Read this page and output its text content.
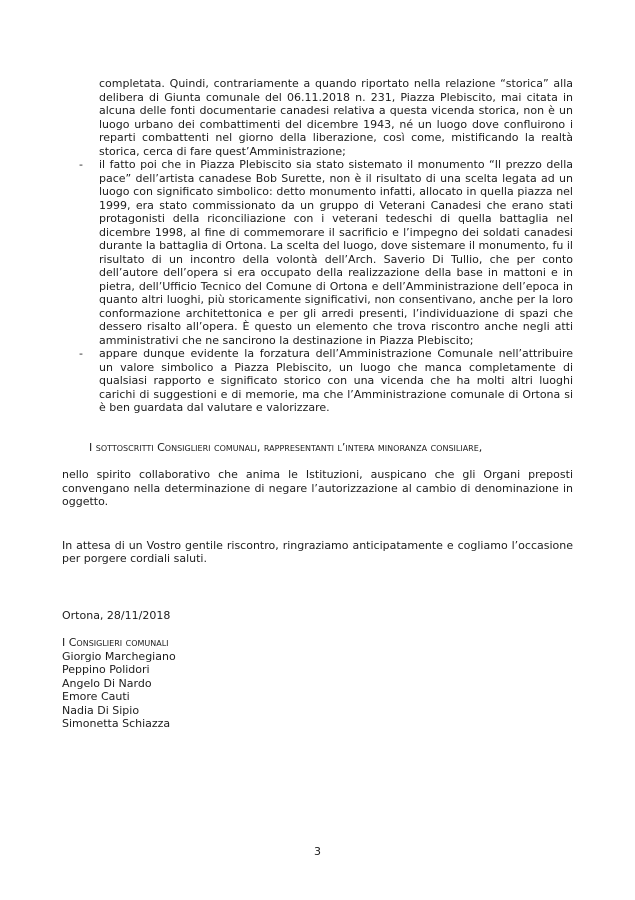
completata. Quindi, contrariamente a quando riportato nella relazione “storica” alla delibera di Giunta comunale del 06.11.2018 n. 231, Piazza Plebiscito, mai citata in alcuna delle fonti documentarie canadesi relativa a questa vicenda storica, non è un luogo urbano dei combattimenti del dicembre 1943, né un luogo dove confluirono i reparti combattenti nel giorno della liberazione, così come, mistificando la realtà storica, cerca di fare quest’Amministrazione;

- il fatto poi che in Piazza Plebiscito sia stato sistemato il monumento “Il prezzo della pace” dell’artista canadese Bob Surette, non è il risultato di una scelta legata ad un luogo con significato simbolico: detto monumento infatti, allocato in quella piazza nel 1999, era stato commissionato da un gruppo di Veterani Canadesi che erano stati protagonisti della riconciliazione con i veterani tedeschi di quella battaglia nel dicembre 1998, al fine di commemorare il sacrificio e l’impegno dei soldati canadesi durante la battaglia di Ortona. La scelta del luogo, dove sistemare il monumento, fu il risultato di un incontro della volontà dell’Arch. Saverio Di Tullio, che per conto dell’autore dell’opera si era occupato della realizzazione della base in mattoni e in pietra, dell’Ufficio Tecnico del Comune di Ortona e dell’Amministrazione dell’epoca in quanto altri luoghi, più storicamente significativi, non consentivano, anche per la loro conformazione architettonica e per gli arredi presenti, l’individuazione di spazi che dessero risalto all’opera. È questo un elemento che trova riscontro anche negli atti amministrativi che ne sancirono la destinazione in Piazza Plebiscito;

- appare dunque evidente la forzatura dell’Amministrazione Comunale nell’attribuire un valore simbolico a Piazza Plebiscito, un luogo che manca completamente di qualsiasi rapporto e significato storico con una vicenda che ha molti altri luoghi carichi di suggestioni e di memorie, ma che l’Amministrazione comunale di Ortona si è ben guardata dal valutare e valorizzare.

I sottoscritti Consiglieri comunali, rappresentanti l’intera minoranza consiliare,

nello spirito collaborativo che anima le Istituzioni, auspicano che gli Organi preposti convengano nella determinazione di negare l’autorizzazione al cambio di denominazione in oggetto.

In attesa di un Vostro gentile riscontro, ringraziamo anticipatamente e cogliamo l’occasione per porgere cordiali saluti.

Ortona, 28/11/2018

I Consiglieri comunali

Giorgio Marchegiano

Peppino Polidori

Angelo Di Nardo

Emore Cauti

Nadia Di Sipio

Simonetta Schiazza

3
